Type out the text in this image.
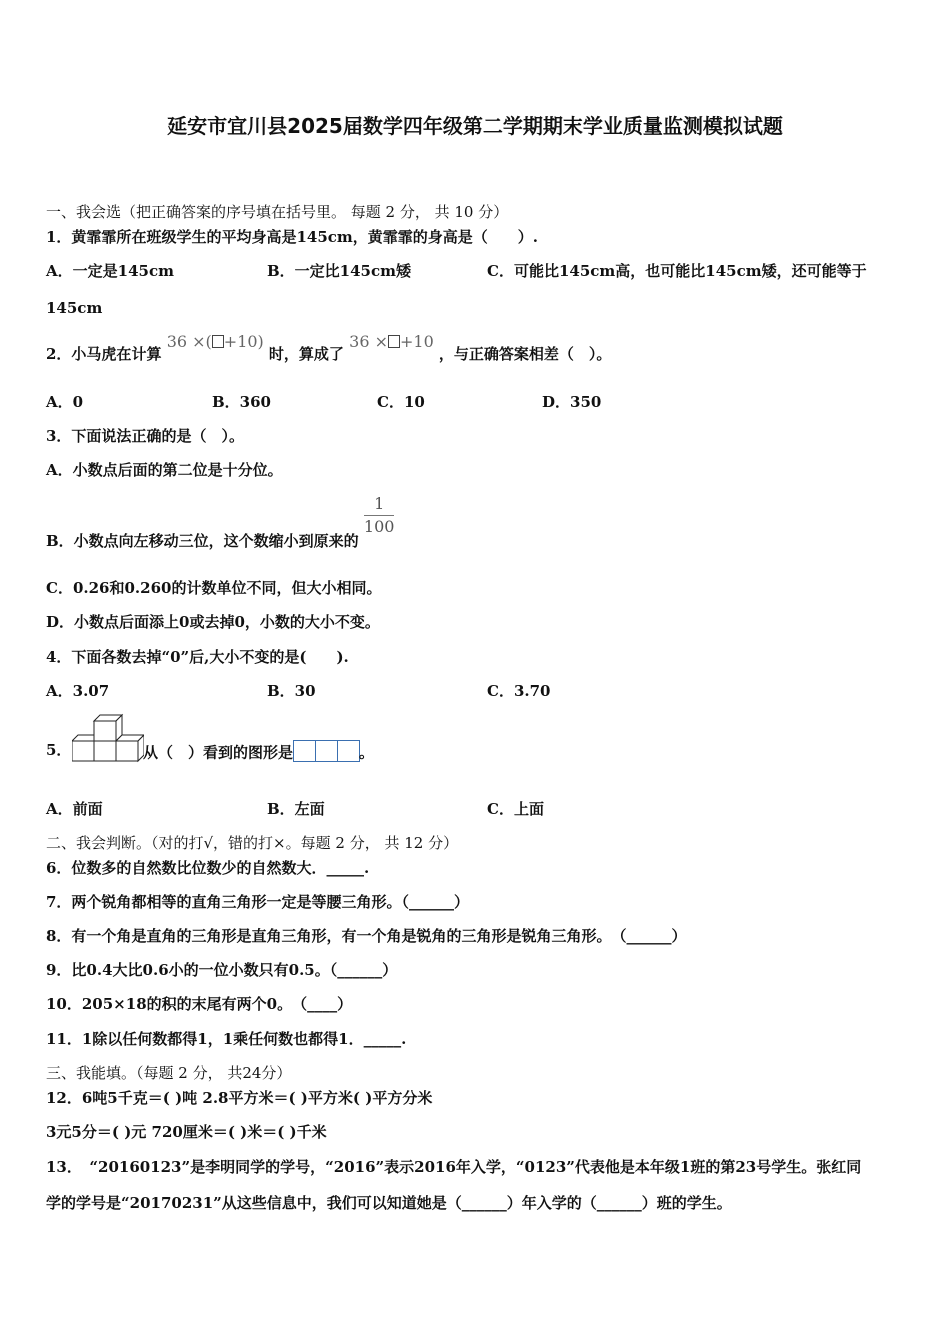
延安市宜川县2025届数学四年级第二学期期末学业质量监测模拟试题
一、我会选（把正确答案的序号填在括号里。 每题 2 分， 共 10 分）
1．黄霏霏所在班级学生的平均身高是145cm，黄霏霏的身高是（　　）.
A．一定是145cm	B．一定比145cm矮	C．可能比145cm高，也可能比145cm矮，还可能等于
145cm
2．小马虎在计算 36 ×( +10) 时，算成了 36 × +10 ，与正确答案相差（　）。
A．0	B．360	C．10	D．350
3．下面说法正确的是（　）。
A．小数点后面的第二位是十分位。
B．小数点向左移动三位，这个数缩小到原来的
$\frac{1}{100}$
C．0.26和0.260的计数单位不同，但大小相同。
D．小数点后面添上0或去掉0，小数的大小不变。
4．下面各数去掉“0”后,大小不变的是(　　).
A．3.07	B．30	C．3.70
5．	从（　）看到的图形是	。
A．前面	B．左面	C．上面
二、我会判断。（对的打√，错的打×。每题 2 分， 共 12 分）
6．位数多的自然数比位数少的自然数大．_____.
7．两个锐角都相等的直角三角形一定是等腰三角形。（______）
8．有一个角是直角的三角形是直角三角形，有一个角是锐角的三角形是锐角三角形。　（______）
9．比0.4大比0.6小的一位小数只有0.5。（______）
10．205×18的积的末尾有两个0。　（____）
11．1除以任何数都得1，1乘任何数也都得1．_____.
三、我能填。（每题 2 分， 共24分）
12．6吨5千克＝( )吨 2.8平方米＝( )平方米( )平方分米
3元5分＝( )元 720厘米＝( )米＝( )千米
13．　“20160123”是李明同学的学号，“2016”表示2016年入学，“0123”代表他是本年级1班的第23号学生。张红同
学的学号是“20170231”从这些信息中，我们可以知道她是（______）年入学的（______）班的学生。
